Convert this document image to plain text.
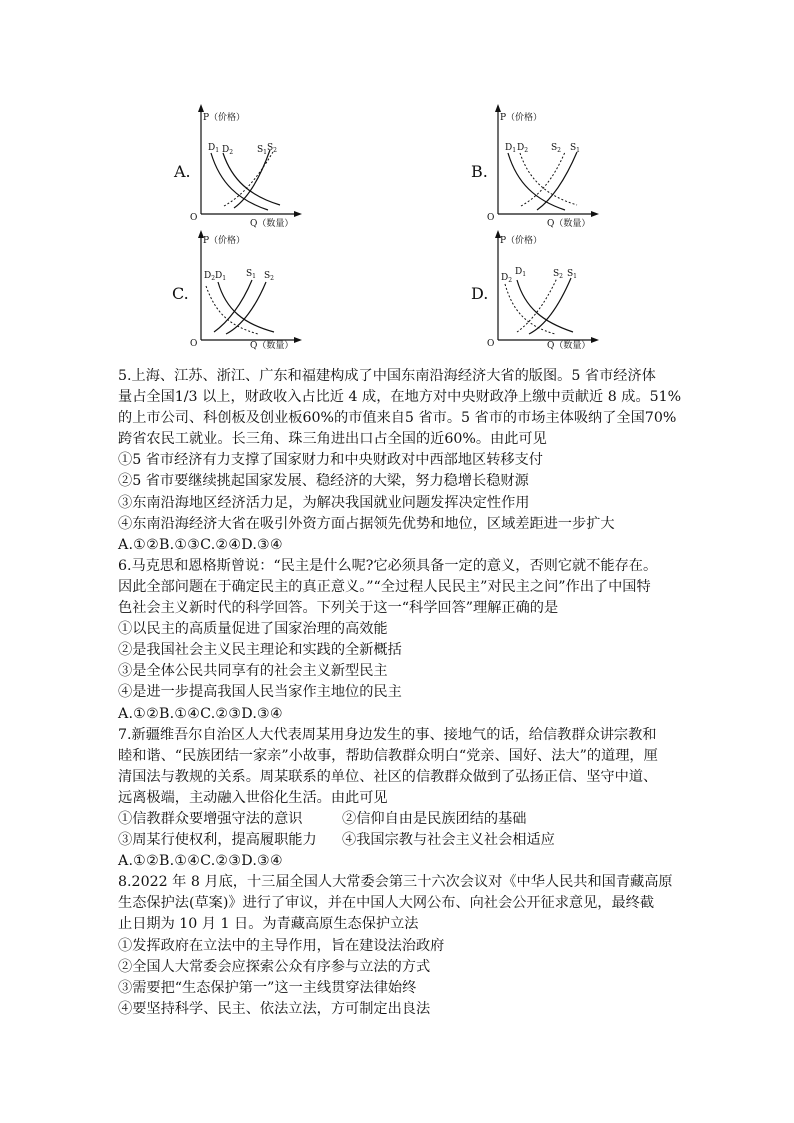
A.
P（价格）
Q（数量）
O
$D_1$ $D_2$	$S_1$ $S_2$
B.
P（价格）
Q（数量）
O
$D_1$ $D_2$	$S_2$ $S_1$
C.
P（价格）
Q（数量）
O
$D_2$ $D_1$ $S_1$ $S_2$
D.
P（价格）
Q（数量）
O
$D_2$
$D_1$	$S_2$ $S_1$
5.上海、江苏、浙江、广东和福建构成了中国东南沿海经济大省的版图。5 省市经济体
量占全国1/3 以上，财政收入占比近 4 成，在地方对中央财政净上缴中贡献近 8 成。51%
的上市公司、科创板及创业板60%的市值来自5 省市。5 省市的市场主体吸纳了全国70%
跨省农民工就业。长三角、珠三角进出口占全国的近60%。由此可见
①5 省市经济有力支撑了国家财力和中央财政对中西部地区转移支付
②5 省市要继续挑起国家发展、稳经济的大梁，努力稳增长稳财源
③东南沿海地区经济活力足，为解决我国就业问题发挥决定性作用
④东南沿海经济大省在吸引外资方面占据领先优势和地位，区域差距进一步扩大
A.①②B.①③C.②④D.③④
6.马克思和恩格斯曾说：“民主是什么呢?它必须具备一定的意义，否则它就不能存在。
因此全部问题在于确定民主的真正意义。”“全过程人民民主”对民主之问”作出了中国特
色社会主义新时代的科学回答。下列关于这一“科学回答”理解正确的是
①以民主的高质量促进了国家治理的高效能
②是我国社会主义民主理论和实践的全新概括
③是全体公民共同享有的社会主义新型民主
④是进一步提高我国人民当家作主地位的民主
A.①②B.①④C.②③D.③④
7.新疆维吾尔自治区人大代表周某用身边发生的事、接地气的话，给信教群众讲宗教和
睦和谐、“民族团结一家亲”小故事，帮助信教群众明白“党亲、国好、法大”的道理，厘
清国法与教规的关系。周某联系的单位、社区的信教群众做到了弘扬正信、坚守中道、
远离极端，主动融入世俗化生活。由此可见
①信教群众要增强守法的意识	②信仰自由是民族团结的基础
③周某行使权利，提高履职能力	④我国宗教与社会主义社会相适应
A.①②B.①④C.②③D.③④
8.2022 年 8 月底，十三届全国人大常委会第三十六次会议对《中华人民共和国青藏高原
生态保护法(草案)》进行了审议，并在中国人大网公布、向社会公开征求意见，最终截
止日期为 10 月 1 日。为青藏高原生态保护立法
①发挥政府在立法中的主导作用，旨在建设法治政府
②全国人大常委会应探索公众有序参与立法的方式
③需要把“生态保护第一”这一主线贯穿法律始终
④要坚持科学、民主、依法立法，方可制定出良法
